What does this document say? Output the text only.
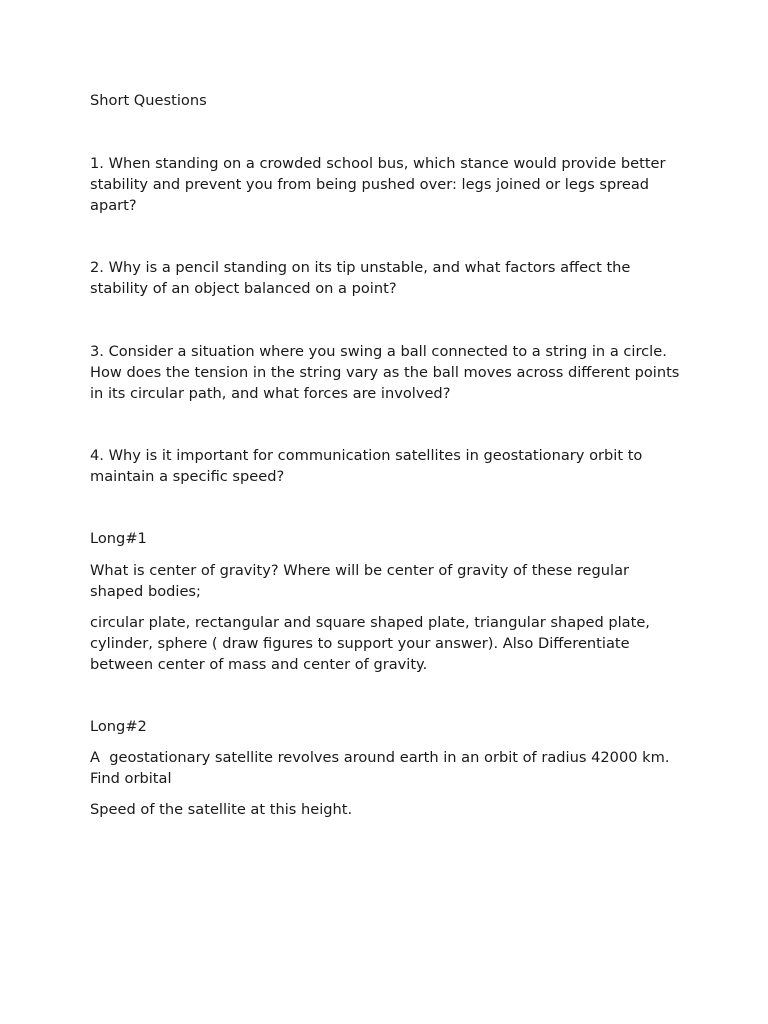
Short Questions

1. When standing on a crowded school bus, which stance would provide better stability and prevent you from being pushed over: legs joined or legs spread apart?

2. Why is a pencil standing on its tip unstable, and what factors affect the stability of an object balanced on a point?

3. Consider a situation where you swing a ball connected to a string in a circle. How does the tension in the string vary as the ball moves across different points in its circular path, and what forces are involved?

4. Why is it important for communication satellites in geostationary orbit to maintain a specific speed?

Long#1

What is center of gravity? Where will be center of gravity of these regular shaped bodies;

circular plate, rectangular and square shaped plate, triangular shaped plate, cylinder, sphere ( draw figures to support your answer). Also Differentiate between center of mass and center of gravity.

Long#2

A  geostationary satellite revolves around earth in an orbit of radius 42000 km. Find orbital

Speed of the satellite at this height.
